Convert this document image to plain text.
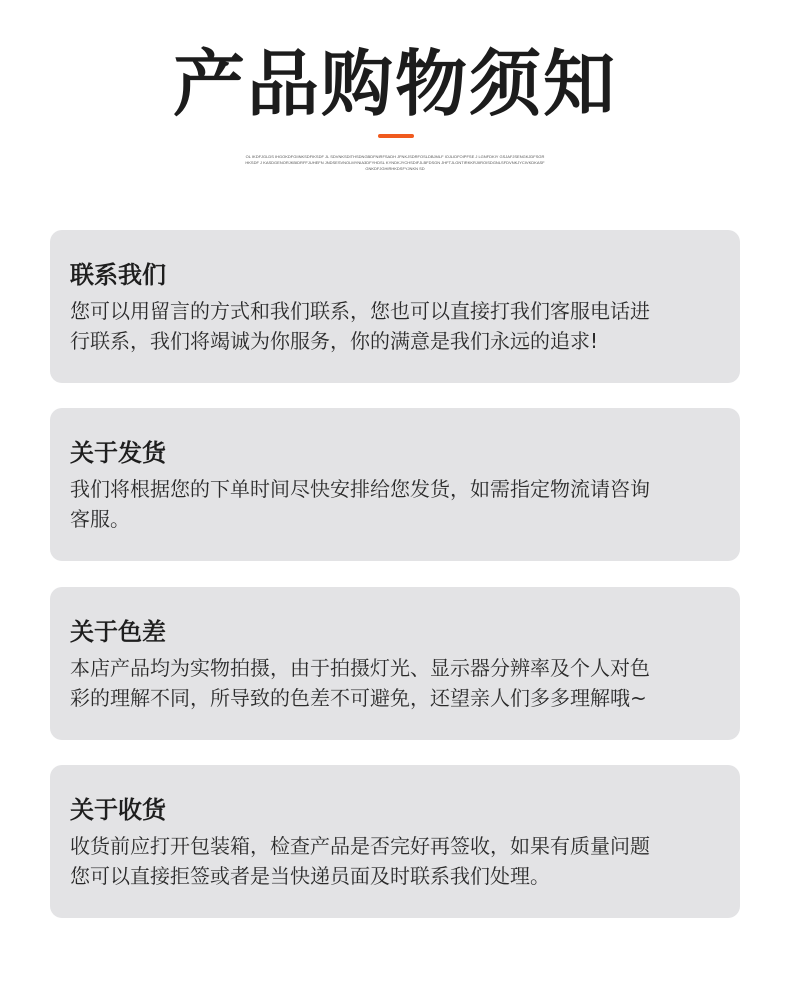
产品购物须知
OL IKDFJGLDS IHGOKDFGIINKSDFIKSDF JL SDVNKSDITHSDNGBDFNIRFSADH JFNKJSDRFOSLDBJMLF IOJLIDFOIPFSE J LGNFDKIY GSJAFJSENGKJDFSGRHKSDF J KASDGENORJKBIDRFFJUHEFN JNDSESVNOLMYNIA3DFYHDSL KYNDKJYCHSDIFJLBFDSGN JHFTJLGNTIRKKRJIIROISDGNLSFDVNKJYCIVKDKASFGNKDFJGHIRHKDSFYJNKN SD
联系我们

您可以用留言的方式和我们联系，您也可以直接打我们客服电话进
行联系，我们将竭诚为你服务，你的满意是我们永远的追求!

关于发货

我们将根据您的下单时间尽快安排给您发货，如需指定物流请咨询
客服。

关于色差

本店产品均为实物拍摄，由于拍摄灯光、显示器分辨率及个人对色
彩的理解不同，所导致的色差不可避免，还望亲人们多多理解哦~

关于收货

收货前应打开包装箱，检查产品是否完好再签收，如果有质量问题
您可以直接拒签或者是当快递员面及时联系我们处理。
